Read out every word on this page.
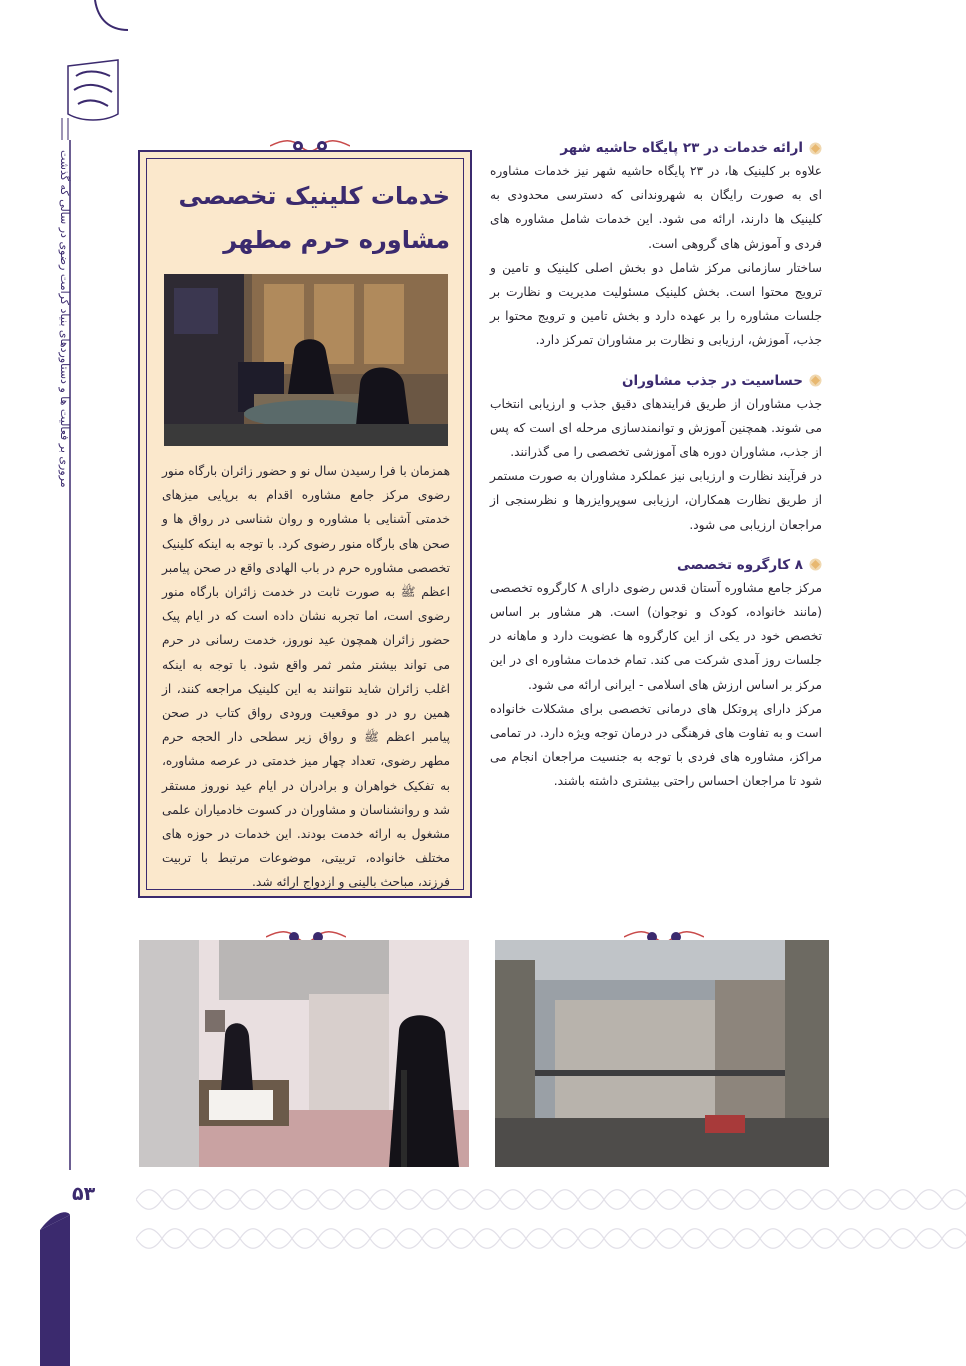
مروری بر فعالیت ها و دستاوردهای بنیاد کرامت رضوی در سالی که گذشت
۵۳
ارائه خدمات در ۲۳ پایگاه حاشیه شهر

علاوه بر کلینیک ها، در ۲۳ پایگاه حاشیه شهر نیز خدمات مشاوره ای به صورت رایگان به شهروندانی که دسترسی محدودی به کلینیک ها دارند، ارائه می شود. این خدمات شامل مشاوره های فردی و آموزش های گروهی است.

ساختار سازمانی مرکز شامل دو بخش اصلی کلینیک و تامین و ترویج محتوا است. بخش کلینیک مسئولیت مدیریت و نظارت بر جلسات مشاوره را بر عهده دارد و بخش تامین و ترویج محتوا بر جذب، آموزش، ارزیابی و نظارت بر مشاوران تمرکز دارد.

حساسیت در جذب مشاوران

جذب مشاوران از طریق فرایندهای دقیق جذب و ارزیابی انتخاب می شوند. همچنین آموزش و توانمندسازی مرحله ای است که پس از جذب، مشاوران دوره های آموزشی تخصصی را می گذرانند.

در فرآیند نظارت و ارزیابی نیز عملکرد مشاوران به صورت مستمر از طریق نظارت همکاران، ارزیابی سوپروایزرها و نظرسنجی از مراجعان ارزیابی می شود.

۸ کارگروه تخصصی

مرکز جامع مشاوره آستان قدس رضوی دارای ۸ کارگروه تخصصی (مانند خانواده، کودک و نوجوان) است. هر مشاور بر اساس تخصص خود در یکی از این کارگروه ها عضویت دارد و ماهانه در جلسات روز آمدی شرکت می کند. تمام خدمات مشاوره ای در این مرکز بر اساس ارزش های اسلامی - ایرانی ارائه می شود.

مرکز دارای پروتکل های درمانی تخصصی برای مشکلات خانواده است و به تفاوت های فرهنگی در درمان توجه ویژه دارد. در تمامی مراکز، مشاوره های فردی با توجه به جنسیت مراجعان انجام می شود تا مراجعان احساس راحتی بیشتری داشته باشند.

خدمات کلینیک تخصصی
مشاوره حرم مطهر

همزمان با فرا رسیدن سال نو و حضور زائران بارگاه منور رضوی مرکز جامع مشاوره اقدام به برپایی میزهای خدمتی آشنایی با مشاوره و روان شناسی در رواق ها و صحن های بارگاه منور رضوی کرد. با توجه به اینکه کلینیک تخصصی مشاوره حرم در باب الهادی واقع در صحن پیامبر اعظم ﷺ به صورت ثابت در خدمت زائران بارگاه منور رضوی است، اما تجربه نشان داده است که در ایام پیک حضور زائران همچون عید نوروز، خدمت رسانی در حرم می تواند بیشتر مثمر ثمر واقع شود. با توجه به اینکه اغلب زائران شاید نتوانند به این کلینیک مراجعه کنند، از همین رو در دو موقعیت ورودی رواق کتاب در صحن پیامبر اعظم ﷺ و رواق زیر سطحی دار الحجه حرم مطهر رضوی، تعداد چهار میز خدمتی در عرصه مشاوره، به تفکیک خواهران و برادران در ایام عید نوروز مستقر شد و روانشناسان و مشاوران در کسوت خادمیاران علمی مشغول به ارائه خدمت بودند. این خدمات در حوزه های مختلف خانواده، تربیتی، موضوعات مرتبط با تربیت فرزند، مباحث بالینی و ازدواج ارائه شد.
